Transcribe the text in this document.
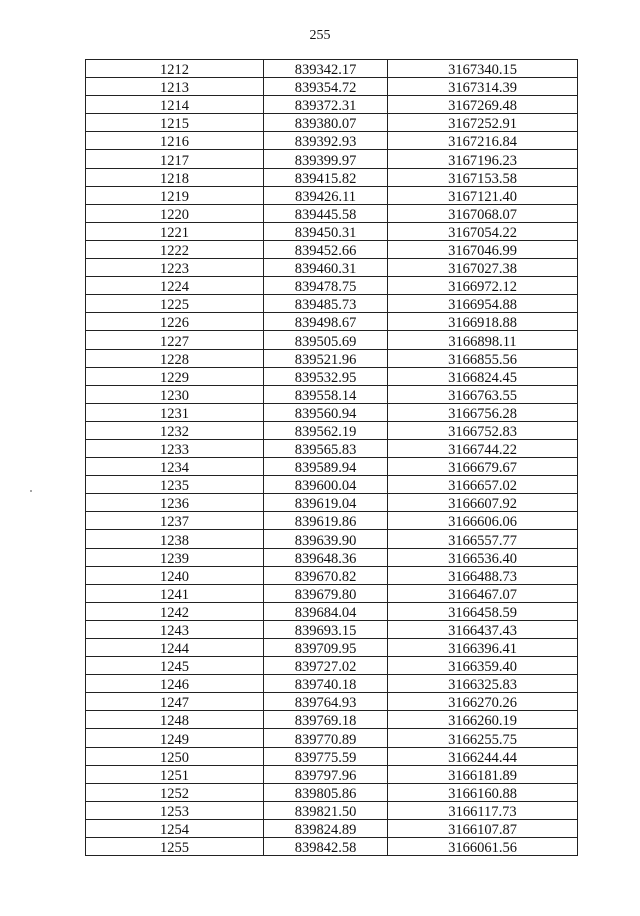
255
1212	839342.17	3167340.15
1213	839354.72	3167314.39
1214	839372.31	3167269.48
1215	839380.07	3167252.91
1216	839392.93	3167216.84
1217	839399.97	3167196.23
1218	839415.82	3167153.58
1219	839426.11	3167121.40
1220	839445.58	3167068.07
1221	839450.31	3167054.22
1222	839452.66	3167046.99
1223	839460.31	3167027.38
1224	839478.75	3166972.12
1225	839485.73	3166954.88
1226	839498.67	3166918.88
1227	839505.69	3166898.11
1228	839521.96	3166855.56
1229	839532.95	3166824.45
1230	839558.14	3166763.55
1231	839560.94	3166756.28
1232	839562.19	3166752.83
1233	839565.83	3166744.22
1234	839589.94	3166679.67
1235	839600.04	3166657.02
1236	839619.04	3166607.92
1237	839619.86	3166606.06
1238	839639.90	3166557.77
1239	839648.36	3166536.40
1240	839670.82	3166488.73
1241	839679.80	3166467.07
1242	839684.04	3166458.59
1243	839693.15	3166437.43
1244	839709.95	3166396.41
1245	839727.02	3166359.40
1246	839740.18	3166325.83
1247	839764.93	3166270.26
1248	839769.18	3166260.19
1249	839770.89	3166255.75
1250	839775.59	3166244.44
1251	839797.96	3166181.89
1252	839805.86	3166160.88
1253	839821.50	3166117.73
1254	839824.89	3166107.87
1255	839842.58	3166061.56
